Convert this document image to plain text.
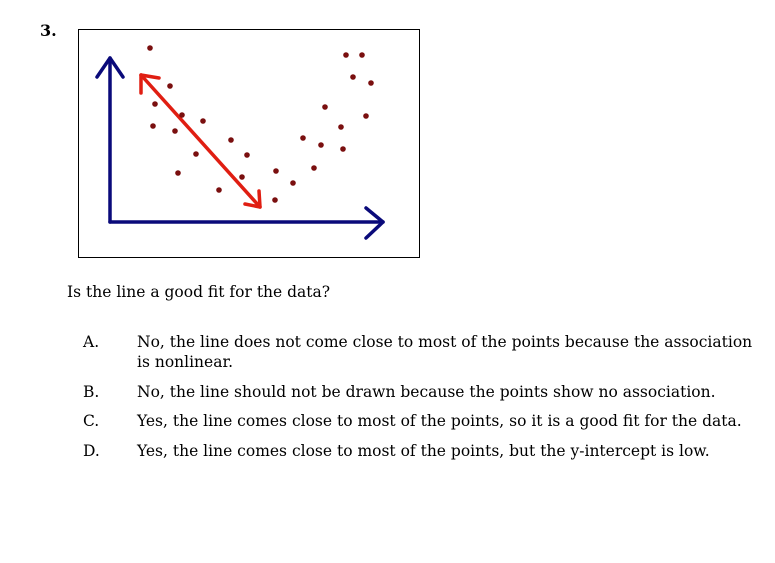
3.
Is the line a good fit for the data?
A.	No, the line does not come close to most of the points because the association is nonlinear.
B.	No, the line should not be drawn because the points show no association.
C.	Yes, the line comes close to most of the points, so it is a good fit for the data.
D.	Yes, the line comes close to most of the points, but the y-intercept is low.
